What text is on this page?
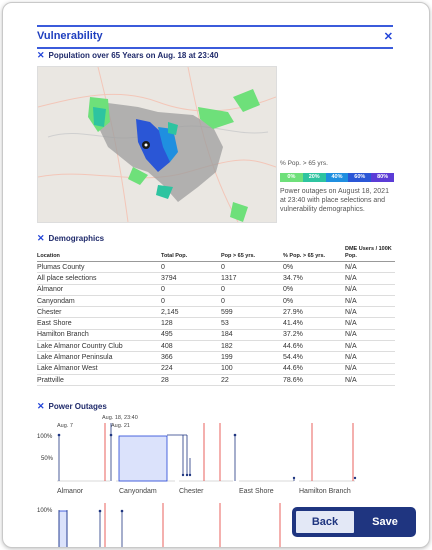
Vulnerability	✕
✕ Population over 65 Years on Aug. 18 at 23:40
% Pop. > 65 yrs.
0%	20%	40%	60%	80%
Power outages on August 18, 2021 at 23:40 with place selections and vulnerability demographics.
✕ Demographics
Location	Total Pop.	Pop > 65 yrs.	% Pop. > 65 yrs.	DME Users / 100K Pop.
Plumas County	0	0	0%	N/A
All place selections	3794	1317	34.7%	N/A
Almanor	0	0	0%	N/A
Canyondam	0	0	0%	N/A
Chester	2,145	599	27.9%	N/A
East Shore	128	53	41.4%	N/A
Hamilton Branch	495	184	37.2%	N/A
Lake Almanor Country Club	408	182	44.6%	N/A
Lake Almanor Peninsula	366	199	54.4%	N/A
Lake Almanor West	224	100	44.6%	N/A
Prattville	28	22	78.6%	N/A
✕ Power Outages
100%
50%
100%
Aug. 18, 23:40
Aug. 7	Aug. 21
Almanor	Canyondam	Chester	East Shore	Hamilton Branch
Back	Save
